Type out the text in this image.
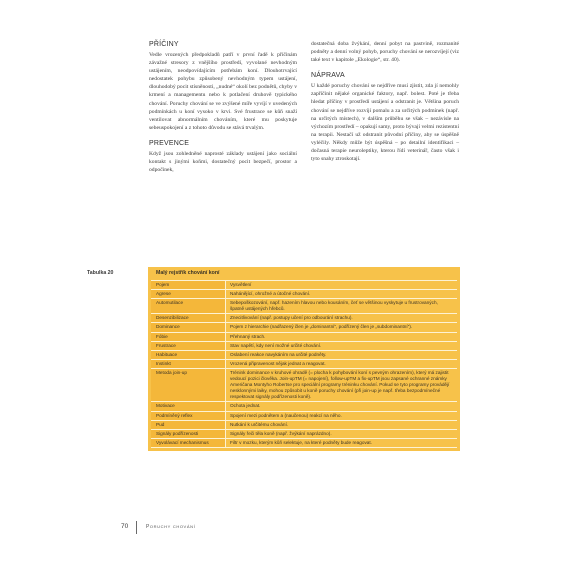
PŘÍČINY

Vedle vrozených předpokladů patří v první řadě k příčinám závažné stresory z vnějšího prostředí, vyvolané nevhodným ustájením, neodpovídajícím potřebám koní. Dlouhotrvající nedostatek pohybu způsobený nevhodným typem ustájení, dlouhodobý pocit stísněnosti, „nudné“ okolí bez podnětů, chyby v krmení a managementu nebo k potlačení druhově typického chování. Poruchy chování se ve zvýšené míře vyvíjí v uvedených podmínkách u koní vysoko v krvi. Své frustrace se kůň snaží ventilovat abnormálním chováním, které mu poskytuje sebeuspokojení a z tohoto důvodu se stává trvalým.

PREVENCE

Když jsou zohledněné naprosté základy ustájení jako sociální kontakt s jinými koňmi, dostatečný pocit bezpečí, prostor a odpočinek,

dostatečná doba žvýkání, denní pobyt na pastvině, rozmanité podněty a denní volný pohyb, poruchy chování se nerozvíjejí (viz také text v kapitole „Ekologie“, str. 40).

NÁPRAVA

U každé poruchy chování se nejdříve musí zjistit, zda jí nemohly zapříčinit nějaké organické faktory, např. bolest. Poté je třeba hledat příčiny v prostředí ustájení a odstranit je. Většina poruch chování se nejdříve rozvíjí pomalu a za určitých podmínek (např. na určitých místech), v dalším průběhu se však – nezávisle na výchozím prostředí – opakují samy, proto bývají velmi rezistentní na terapii. Nestačí už odstranit původní příčiny, aby se úspěšně vyléčily. Někdy může být úspěšná – po detailní identifikaci – dočasná terapie neuroleptiky, kterou řídí veterinář, často však i tyto snahy ztroskotají.

Tabulka 20	Malý rejstřík chování koní
Pojem	Vysvětlení
Agrese	Nahánějící, ohrožné a útočné chování.
Automutilace	Sebepoškozování, např. hazením hlavou nebo kousáním, čeť se většinou vyskytuje u frustrovaných, špatně ustájených hřebců.
Desenzibilizace	Znecitlivování (např. postupy učení pro odbourání strachu).
Dominance	Pojem z hierarchie (nadřazený člen je „dominantní“, podřízený člen je „subdominantní“).
Fóbie	Přehnaný strach.
Frustrace	Stav napětí, kdy není možné určité chování.
Habituace	Oslabení reakce navykáním na určité podněty.
Instinkt	Vrozená připravenost nějak jednat a reagovat.
Metoda join-up	Trénink dominance v kruhové ohradě (= plocha k pohybování koní s pevným ohrazením), který má zajistit vedoucí pozici člověka. Join-upTM (= napojení), follow-upTM a fix-upTM jsou zapsané ochranné známky Američana Montyho Robertse pro speciální programy tréninku chování. Pokud se tyto programy provádějí nesklonnými laiky, mohou způsobit u koně poruchy chování (při join-up je např. třeba bezpodmínečné respektovat signály podřízenosti koně).
Motivace	Ochota jednat.
Podmíněný reflex	Spojení mezi podnětem a (naučenou) reakcí na něho.
Pud	Nutkání k určitému chování.
Signály podřízenosti	Signály řeči těla koně (např. žvýkání naprázdno).
Vyvolávací mechanismus	Filtr v mozku, kterým kůň selektuje, na které podněty bude reagovat.
70	Poruchy chování
